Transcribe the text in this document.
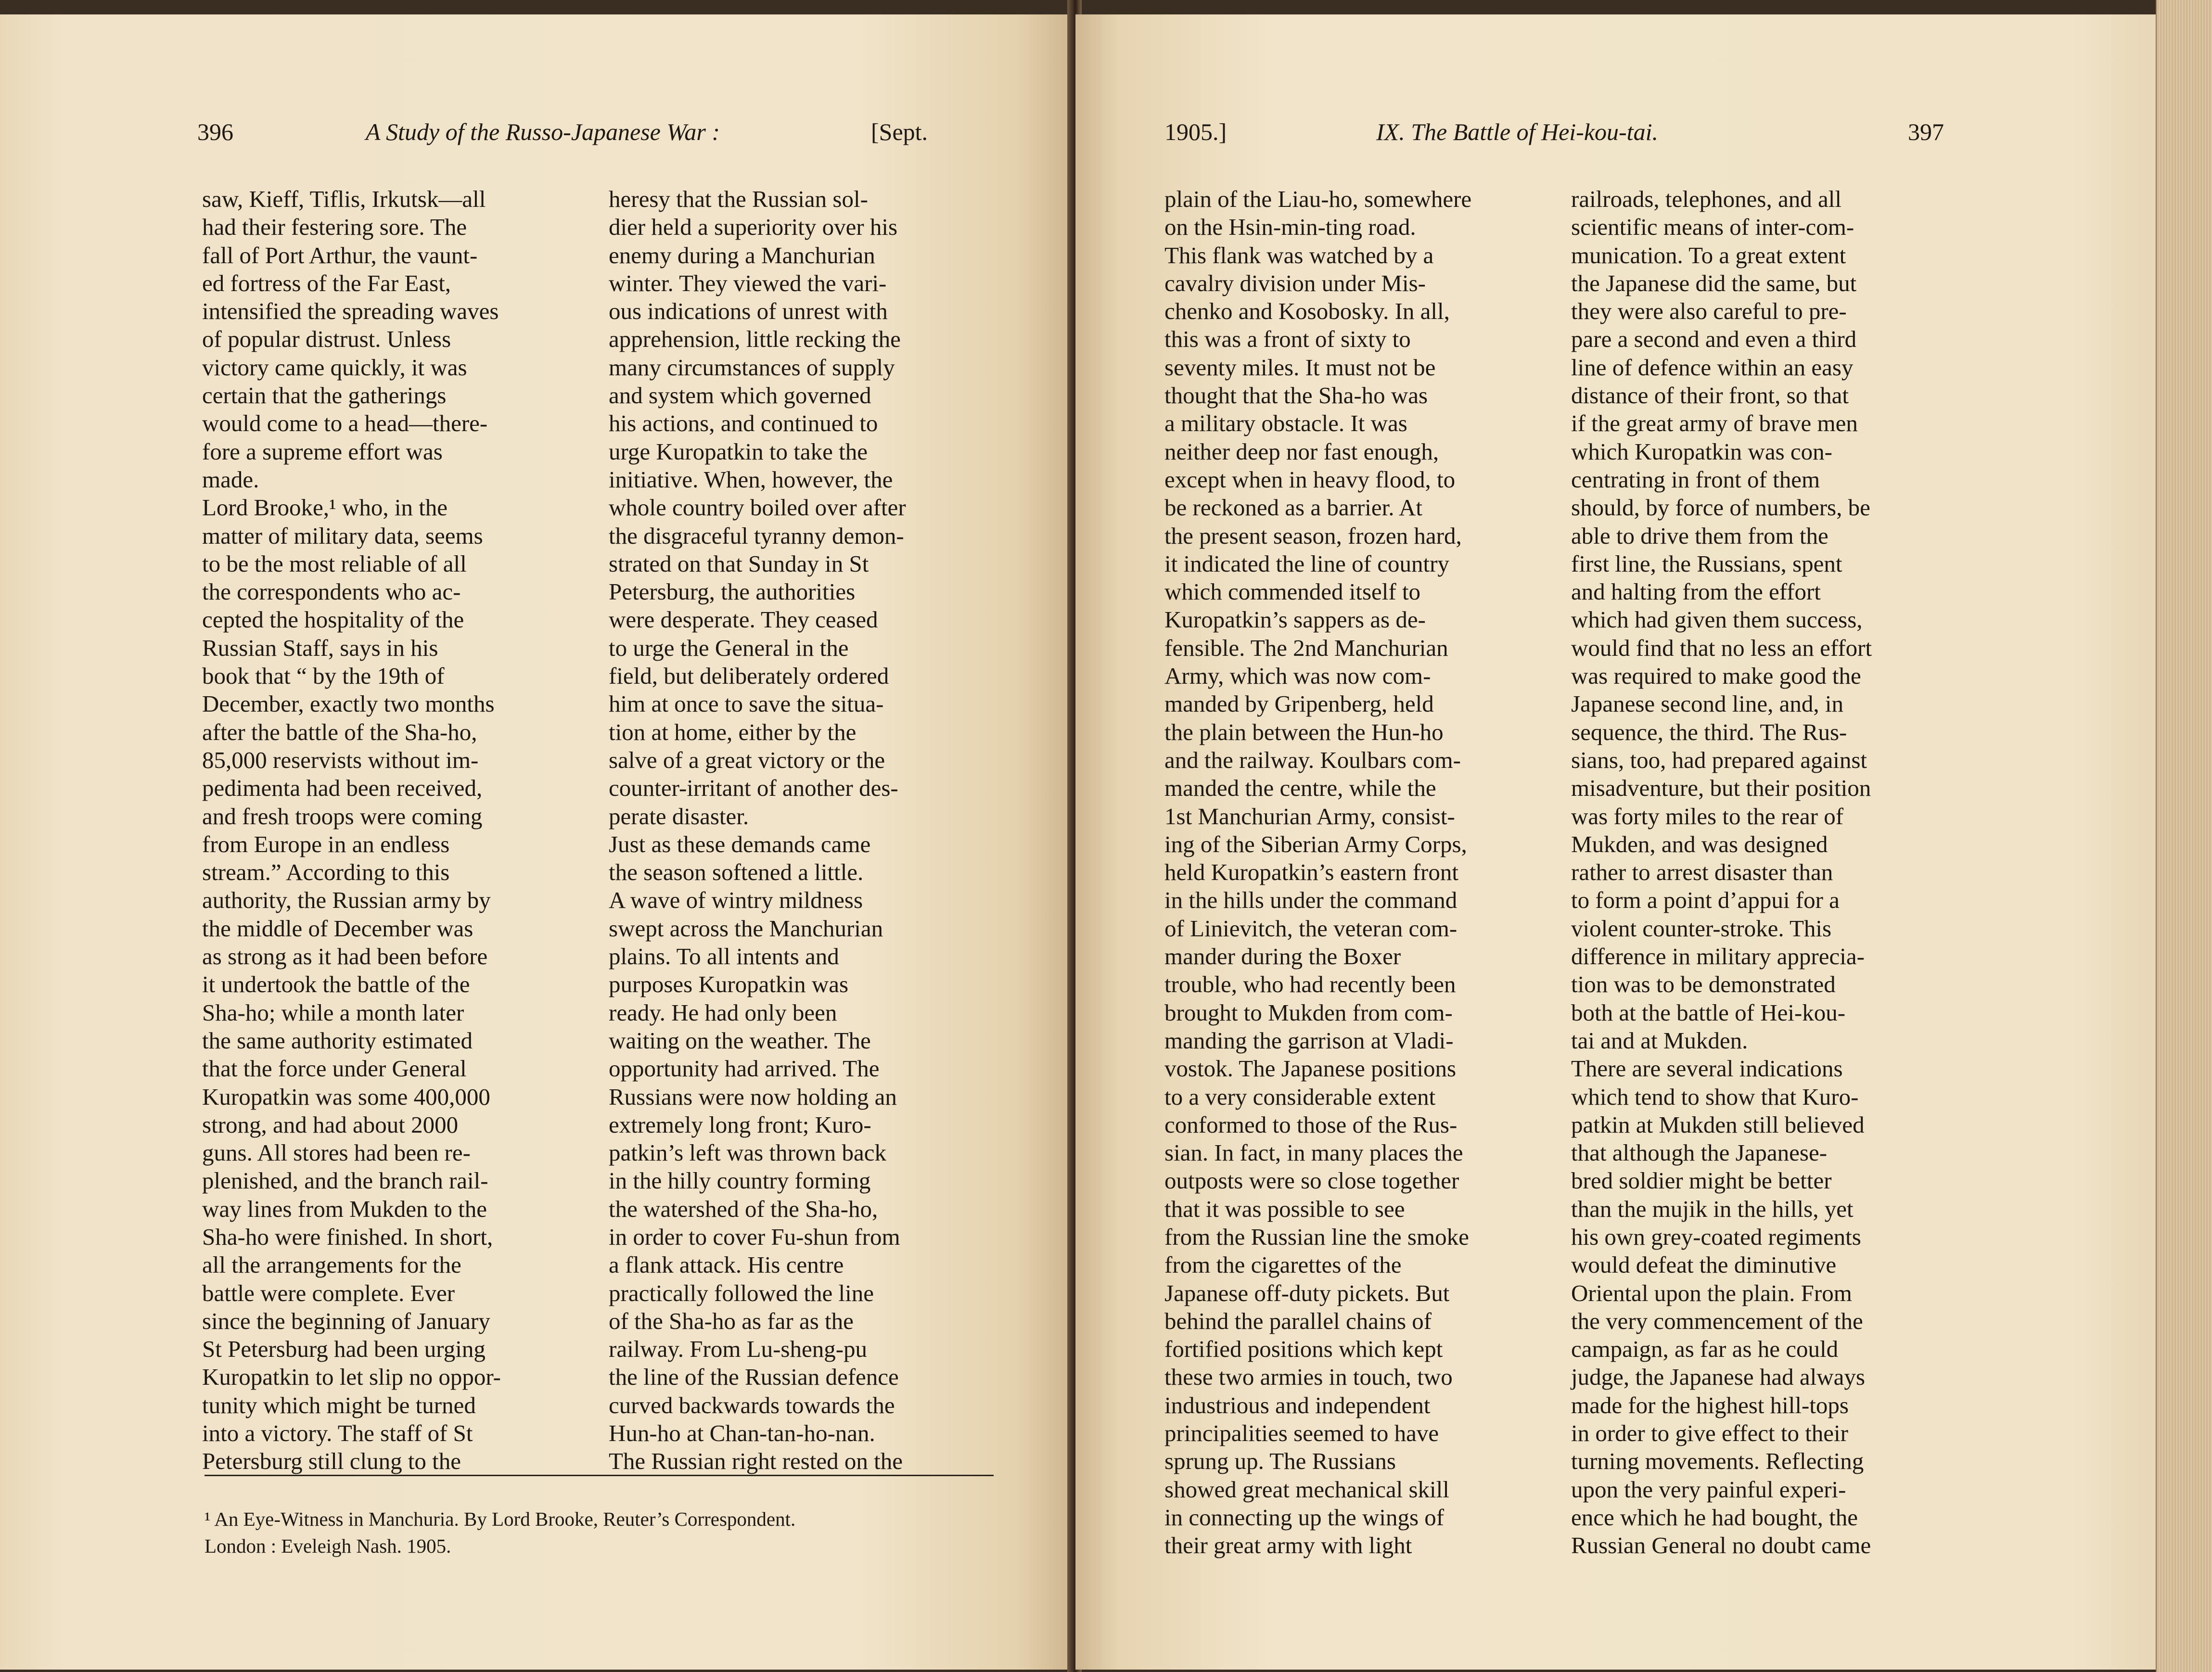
396	A Study of the Russo-Japanese War :	[Sept.
saw, Kieff, Tiflis, Irkutsk—all
had their festering sore. The
fall of Port Arthur, the vaunt-
ed fortress of the Far East,
intensified the spreading waves
of popular distrust. Unless
victory came quickly, it was
certain that the gatherings
would come to a head—there-
fore a supreme effort was
made.
Lord Brooke,¹ who, in the
matter of military data, seems
to be the most reliable of all
the correspondents who ac-
cepted the hospitality of the
Russian Staff, says in his
book that “ by the 19th of
December, exactly two months
after the battle of the Sha-ho,
85,000 reservists without im-
pedimenta had been received,
and fresh troops were coming
from Europe in an endless
stream.” According to this
authority, the Russian army by
the middle of December was
as strong as it had been before
it undertook the battle of the
Sha-ho; while a month later
the same authority estimated
that the force under General
Kuropatkin was some 400,000
strong, and had about 2000
guns. All stores had been re-
plenished, and the branch rail-
way lines from Mukden to the
Sha-ho were finished. In short,
all the arrangements for the
battle were complete. Ever
since the beginning of January
St Petersburg had been urging
Kuropatkin to let slip no oppor-
tunity which might be turned
into a victory. The staff of St
Petersburg still clung to the
heresy that the Russian sol-
dier held a superiority over his
enemy during a Manchurian
winter. They viewed the vari-
ous indications of unrest with
apprehension, little recking the
many circumstances of supply
and system which governed
his actions, and continued to
urge Kuropatkin to take the
initiative. When, however, the
whole country boiled over after
the disgraceful tyranny demon-
strated on that Sunday in St
Petersburg, the authorities
were desperate. They ceased
to urge the General in the
field, but deliberately ordered
him at once to save the situa-
tion at home, either by the
salve of a great victory or the
counter-irritant of another des-
perate disaster.
Just as these demands came
the season softened a little.
A wave of wintry mildness
swept across the Manchurian
plains. To all intents and
purposes Kuropatkin was
ready. He had only been
waiting on the weather. The
opportunity had arrived. The
Russians were now holding an
extremely long front; Kuro-
patkin’s left was thrown back
in the hilly country forming
the watershed of the Sha-ho,
in order to cover Fu-shun from
a flank attack. His centre
practically followed the line
of the Sha-ho as far as the
railway. From Lu-sheng-pu
the line of the Russian defence
curved backwards towards the
Hun-ho at Chan-tan-ho-nan.
The Russian right rested on the
¹ An Eye-Witness in Manchuria. By Lord Brooke, Reuter’s Correspondent.
London : Eveleigh Nash. 1905.
1905.]	IX. The Battle of Hei-kou-tai.	397
plain of the Liau-ho, somewhere
on the Hsin-min-ting road.
This flank was watched by a
cavalry division under Mis-
chenko and Kosobosky. In all,
this was a front of sixty to
seventy miles. It must not be
thought that the Sha-ho was
a military obstacle. It was
neither deep nor fast enough,
except when in heavy flood, to
be reckoned as a barrier. At
the present season, frozen hard,
it indicated the line of country
which commended itself to
Kuropatkin’s sappers as de-
fensible. The 2nd Manchurian
Army, which was now com-
manded by Gripenberg, held
the plain between the Hun-ho
and the railway. Koulbars com-
manded the centre, while the
1st Manchurian Army, consist-
ing of the Siberian Army Corps,
held Kuropatkin’s eastern front
in the hills under the command
of Linievitch, the veteran com-
mander during the Boxer
trouble, who had recently been
brought to Mukden from com-
manding the garrison at Vladi-
vostok. The Japanese positions
to a very considerable extent
conformed to those of the Rus-
sian. In fact, in many places the
outposts were so close together
that it was possible to see
from the Russian line the smoke
from the cigarettes of the
Japanese off-duty pickets. But
behind the parallel chains of
fortified positions which kept
these two armies in touch, two
industrious and independent
principalities seemed to have
sprung up. The Russians
showed great mechanical skill
in connecting up the wings of
their great army with light
railroads, telephones, and all
scientific means of inter-com-
munication. To a great extent
the Japanese did the same, but
they were also careful to pre-
pare a second and even a third
line of defence within an easy
distance of their front, so that
if the great army of brave men
which Kuropatkin was con-
centrating in front of them
should, by force of numbers, be
able to drive them from the
first line, the Russians, spent
and halting from the effort
which had given them success,
would find that no less an effort
was required to make good the
Japanese second line, and, in
sequence, the third. The Rus-
sians, too, had prepared against
misadventure, but their position
was forty miles to the rear of
Mukden, and was designed
rather to arrest disaster than
to form a point d’appui for a
violent counter-stroke. This
difference in military apprecia-
tion was to be demonstrated
both at the battle of Hei-kou-
tai and at Mukden.
There are several indications
which tend to show that Kuro-
patkin at Mukden still believed
that although the Japanese-
bred soldier might be better
than the mujik in the hills, yet
his own grey-coated regiments
would defeat the diminutive
Oriental upon the plain. From
the very commencement of the
campaign, as far as he could
judge, the Japanese had always
made for the highest hill-tops
in order to give effect to their
turning movements. Reflecting
upon the very painful experi-
ence which he had bought, the
Russian General no doubt came
